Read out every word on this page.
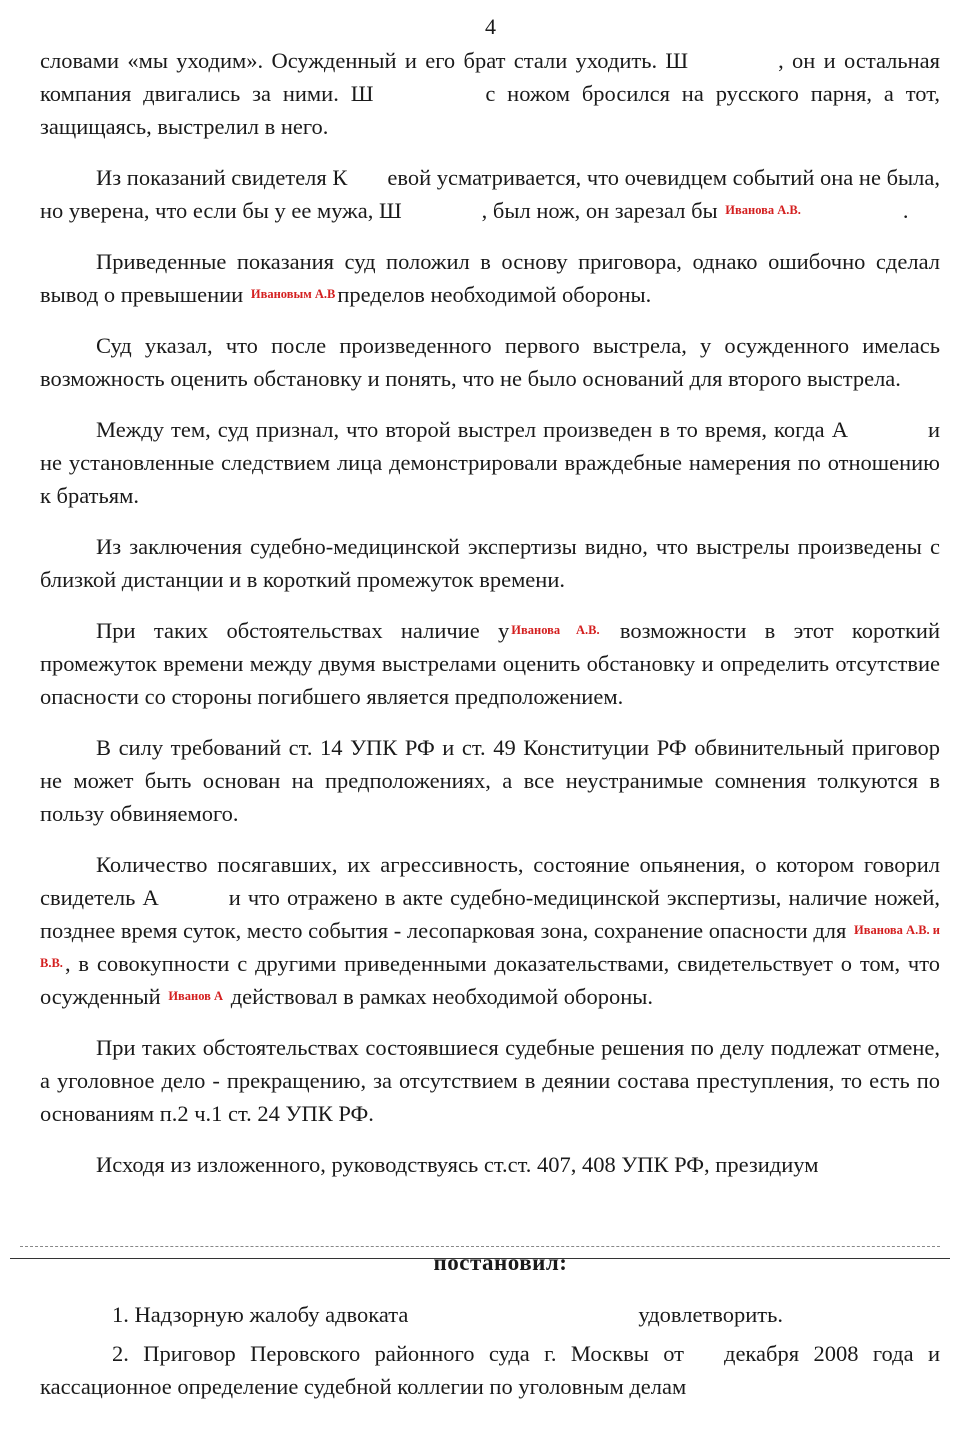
4

словами «мы уходим». Осужденный и его брат стали уходить. Ш	, он и остальная компания двигались за ними. Ш	с ножом бросился на русского парня, а тот, защищаясь, выстрелил в него.

Из показаний свидетеля К евой усматривается, что очевидцем событий она не была, но уверена, что если бы у ее мужа, Ш	, был нож, он зарезал бы Иванова А.В.	.

Приведенные показания суд положил в основу приговора, однако ошибочно сделал вывод о превышении Ивановым А.Впределов необходимой обороны.

Суд указал, что после произведенного первого выстрела, у осужденного имелась возможность оценить обстановку и понять, что не было оснований для второго выстрела.

Между тем, суд признал, что второй выстрел произведен в то время, когда А	и не установленные следствием лица демонстрировали враждебные намерения по отношению к братьям.

Из заключения судебно-медицинской экспертизы видно, что выстрелы произведены с близкой дистанции и в короткий промежуток времени.

При таких обстоятельствах наличие у Иванова А.В. возможности в этот короткий промежуток времени между двумя выстрелами оценить обстановку и определить отсутствие опасности со стороны погибшего является предположением.

В силу требований ст. 14 УПК РФ и ст. 49 Конституции РФ обвинительный приговор не может быть основан на предположениях, а все неустранимые сомнения толкуются в пользу обвиняемого.

Количество посягавших, их агрессивность, состояние опьянения, о котором говорил свидетель А	и что отражено в акте судебно-медицинской экспертизы, наличие ножей, позднее время суток, место события - лесопарковая зона, сохранение опасности для Иванова А.В. и В.В., в совокупности с другими приведенными доказательствами, свидетельствует о том, что осужденный Иванов А действовал в рамках необходимой обороны.

При таких обстоятельствах состоявшиеся судебные решения по делу подлежат отмене, а уголовное дело - прекращению, за отсутствием в деянии состава преступления, то есть по основаниям п.2 ч.1 ст. 24 УПК РФ.

Исходя из изложенного, руководствуясь ст.ст. 407, 408 УПК РФ, президиум

постановил:

1. Надзорную жалобу адвоката	удовлетворить.

2. Приговор Перовского районного суда г. Москвы от декабря 2008 года и кассационное определение судебной коллегии по уголовным делам
